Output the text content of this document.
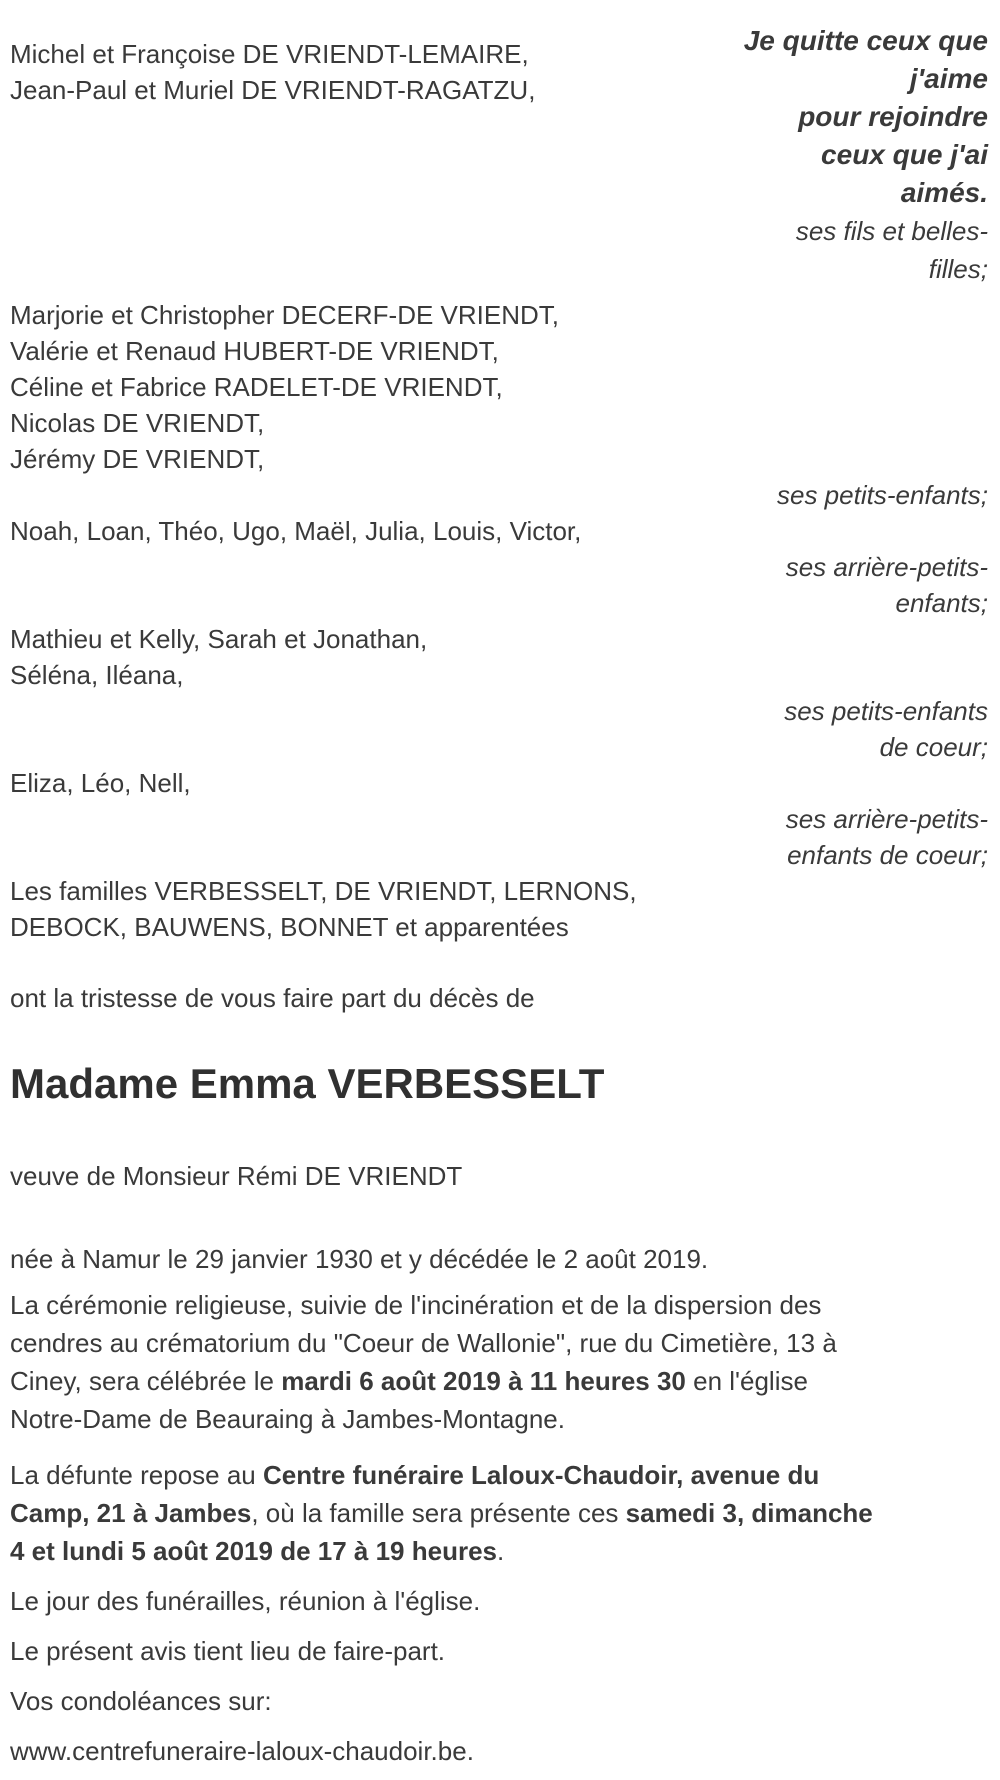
Michel et Françoise DE VRIENDT-LEMAIRE,
Jean-Paul et Muriel DE VRIENDT-RAGATZU,
Je quitte ceux que
j'aime
pour rejoindre
ceux que j'ai
aimés.
ses fils et belles-
filles;
Marjorie et Christopher DECERF-DE VRIENDT,
Valérie et Renaud HUBERT-DE VRIENDT,
Céline et Fabrice RADELET-DE VRIENDT,
Nicolas DE VRIENDT,
Jérémy DE VRIENDT,
ses petits-enfants;
Noah, Loan, Théo, Ugo, Maël, Julia, Louis, Victor,
ses arrière-petits-
enfants;
Mathieu et Kelly, Sarah et Jonathan,
Séléna, Iléana,
ses petits-enfants
de coeur;
Eliza, Léo, Nell,
ses arrière-petits-
enfants de coeur;
Les familles VERBESSELT, DE VRIENDT, LERNONS,
DEBOCK, BAUWENS, BONNET et apparentées
ont la tristesse de vous faire part du décès de
Madame Emma VERBESSELT
veuve de Monsieur Rémi DE VRIENDT
née à Namur le 29 janvier 1930 et y décédée le 2 août 2019.
La cérémonie religieuse, suivie de l'incinération et de la dispersion des
cendres au crématorium du "Coeur de Wallonie", rue du Cimetière, 13 à
Ciney, sera célébrée le mardi 6 août 2019 à 11 heures 30 en l'église
Notre-Dame de Beauraing à Jambes-Montagne.
La défunte repose au Centre funéraire Laloux-Chaudoir, avenue du
Camp, 21 à Jambes, où la famille sera présente ces samedi 3, dimanche
4 et lundi 5 août 2019 de 17 à 19 heures.
Le jour des funérailles, réunion à l'église.
Le présent avis tient lieu de faire-part.
Vos condoléances sur:
www.centrefuneraire-laloux-chaudoir.be.
